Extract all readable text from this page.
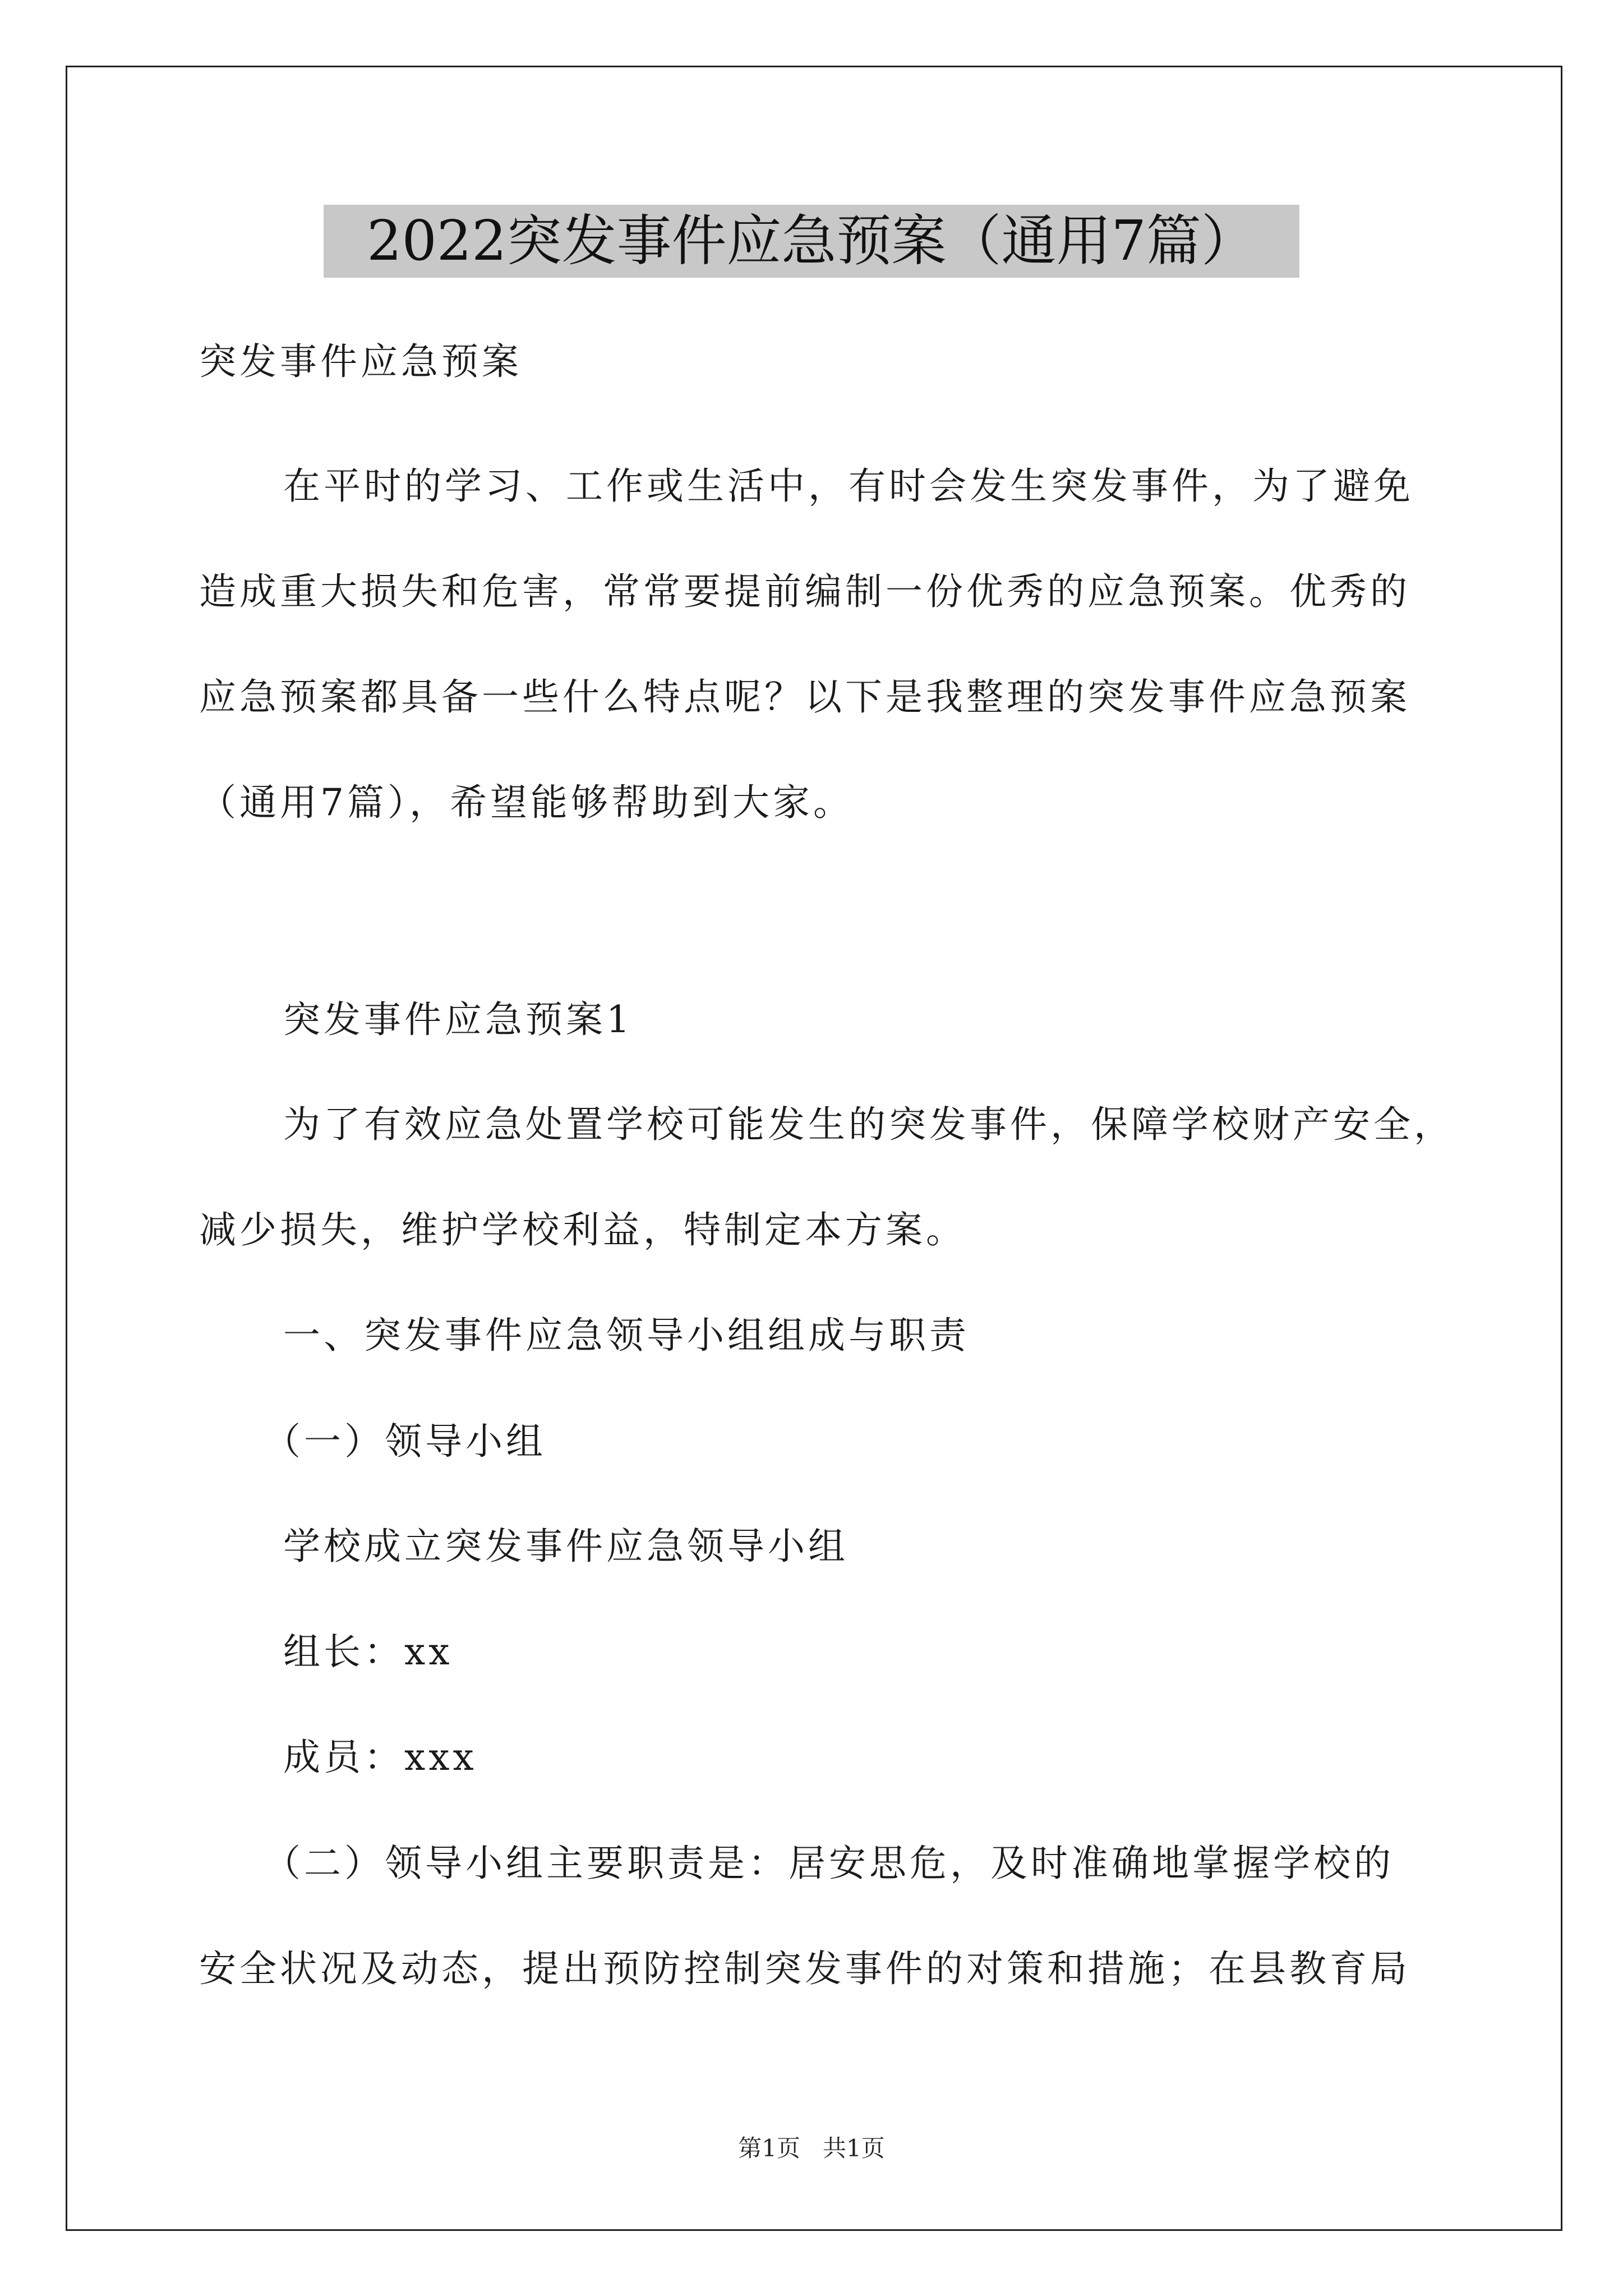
2022突发事件应急预案（通用7篇）
突发事件应急预案
在平时的学习、工作或生活中，有时会发生突发事件，为了避免
造成重大损失和危害，常常要提前编制一份优秀的应急预案。优秀的
应急预案都具备一些什么特点呢？以下是我整理的突发事件应急预案
（通用7篇），希望能够帮助到大家。
突发事件应急预案1
为了有效应急处置学校可能发生的突发事件，保障学校财产安全，
减少损失，维护学校利益，特制定本方案。
一、突发事件应急领导小组组成与职责
（一）领导小组
学校成立突发事件应急领导小组
组长：xx
成员：xxx
（二）领导小组主要职责是：居安思危，及时准确地掌握学校的
安全状况及动态，提出预防控制突发事件的对策和措施；在县教育局
第1页   共1页
